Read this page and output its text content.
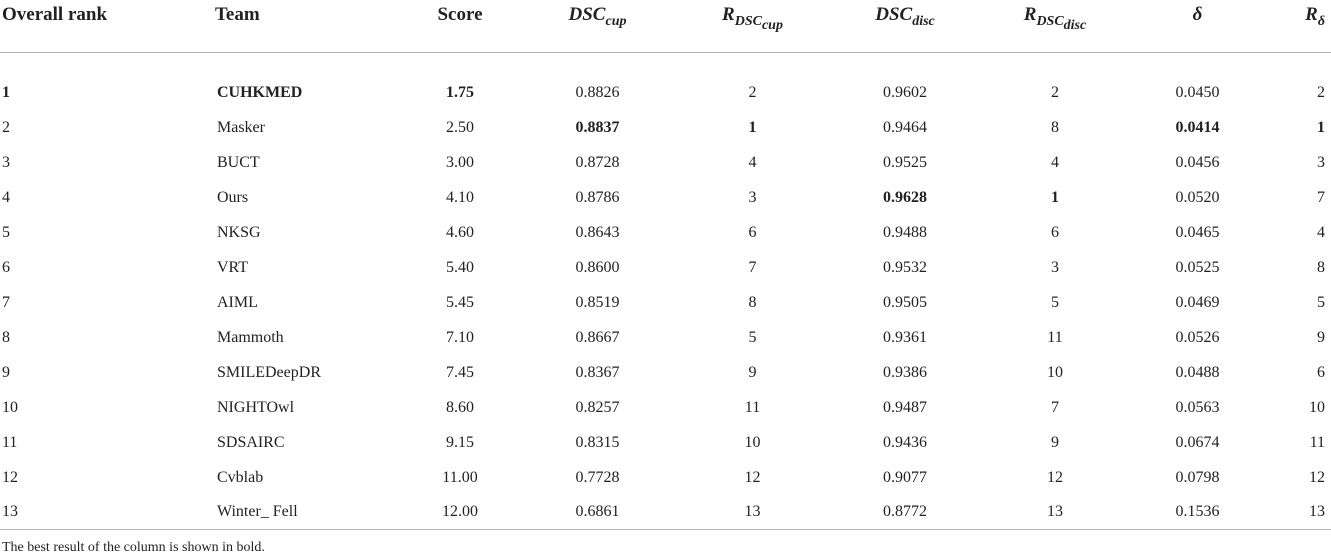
Overall rank	Team	Score	$DSC_{cup}$	$R_{DSC_{cup}}$	$DSC_{disc}$	$R_{DSC_{disc}}$	δ	$R_\delta$

1	CUHKMED	1.75	0.8826	2	0.9602	2	0.0450	2
2	Masker	2.50	0.8837	1	0.9464	8	0.0414	1
3	BUCT	3.00	0.8728	4	0.9525	4	0.0456	3
4	Ours	4.10	0.8786	3	0.9628	1	0.0520	7
5	NKSG	4.60	0.8643	6	0.9488	6	0.0465	4
6	VRT	5.40	0.8600	7	0.9532	3	0.0525	8
7	AIML	5.45	0.8519	8	0.9505	5	0.0469	5
8	Mammoth	7.10	0.8667	5	0.9361	11	0.0526	9
9	SMILEDeepDR	7.45	0.8367	9	0.9386	10	0.0488	6
10	NIGHTOwl	8.60	0.8257	11	0.9487	7	0.0563	10
11	SDSAIRC	9.15	0.8315	10	0.9436	9	0.0674	11
12	Cvblab	11.00	0.7728	12	0.9077	12	0.0798	12
13	Winter_ Fell	12.00	0.6861	13	0.8772	13	0.1536	13
The best result of the column is shown in bold.
